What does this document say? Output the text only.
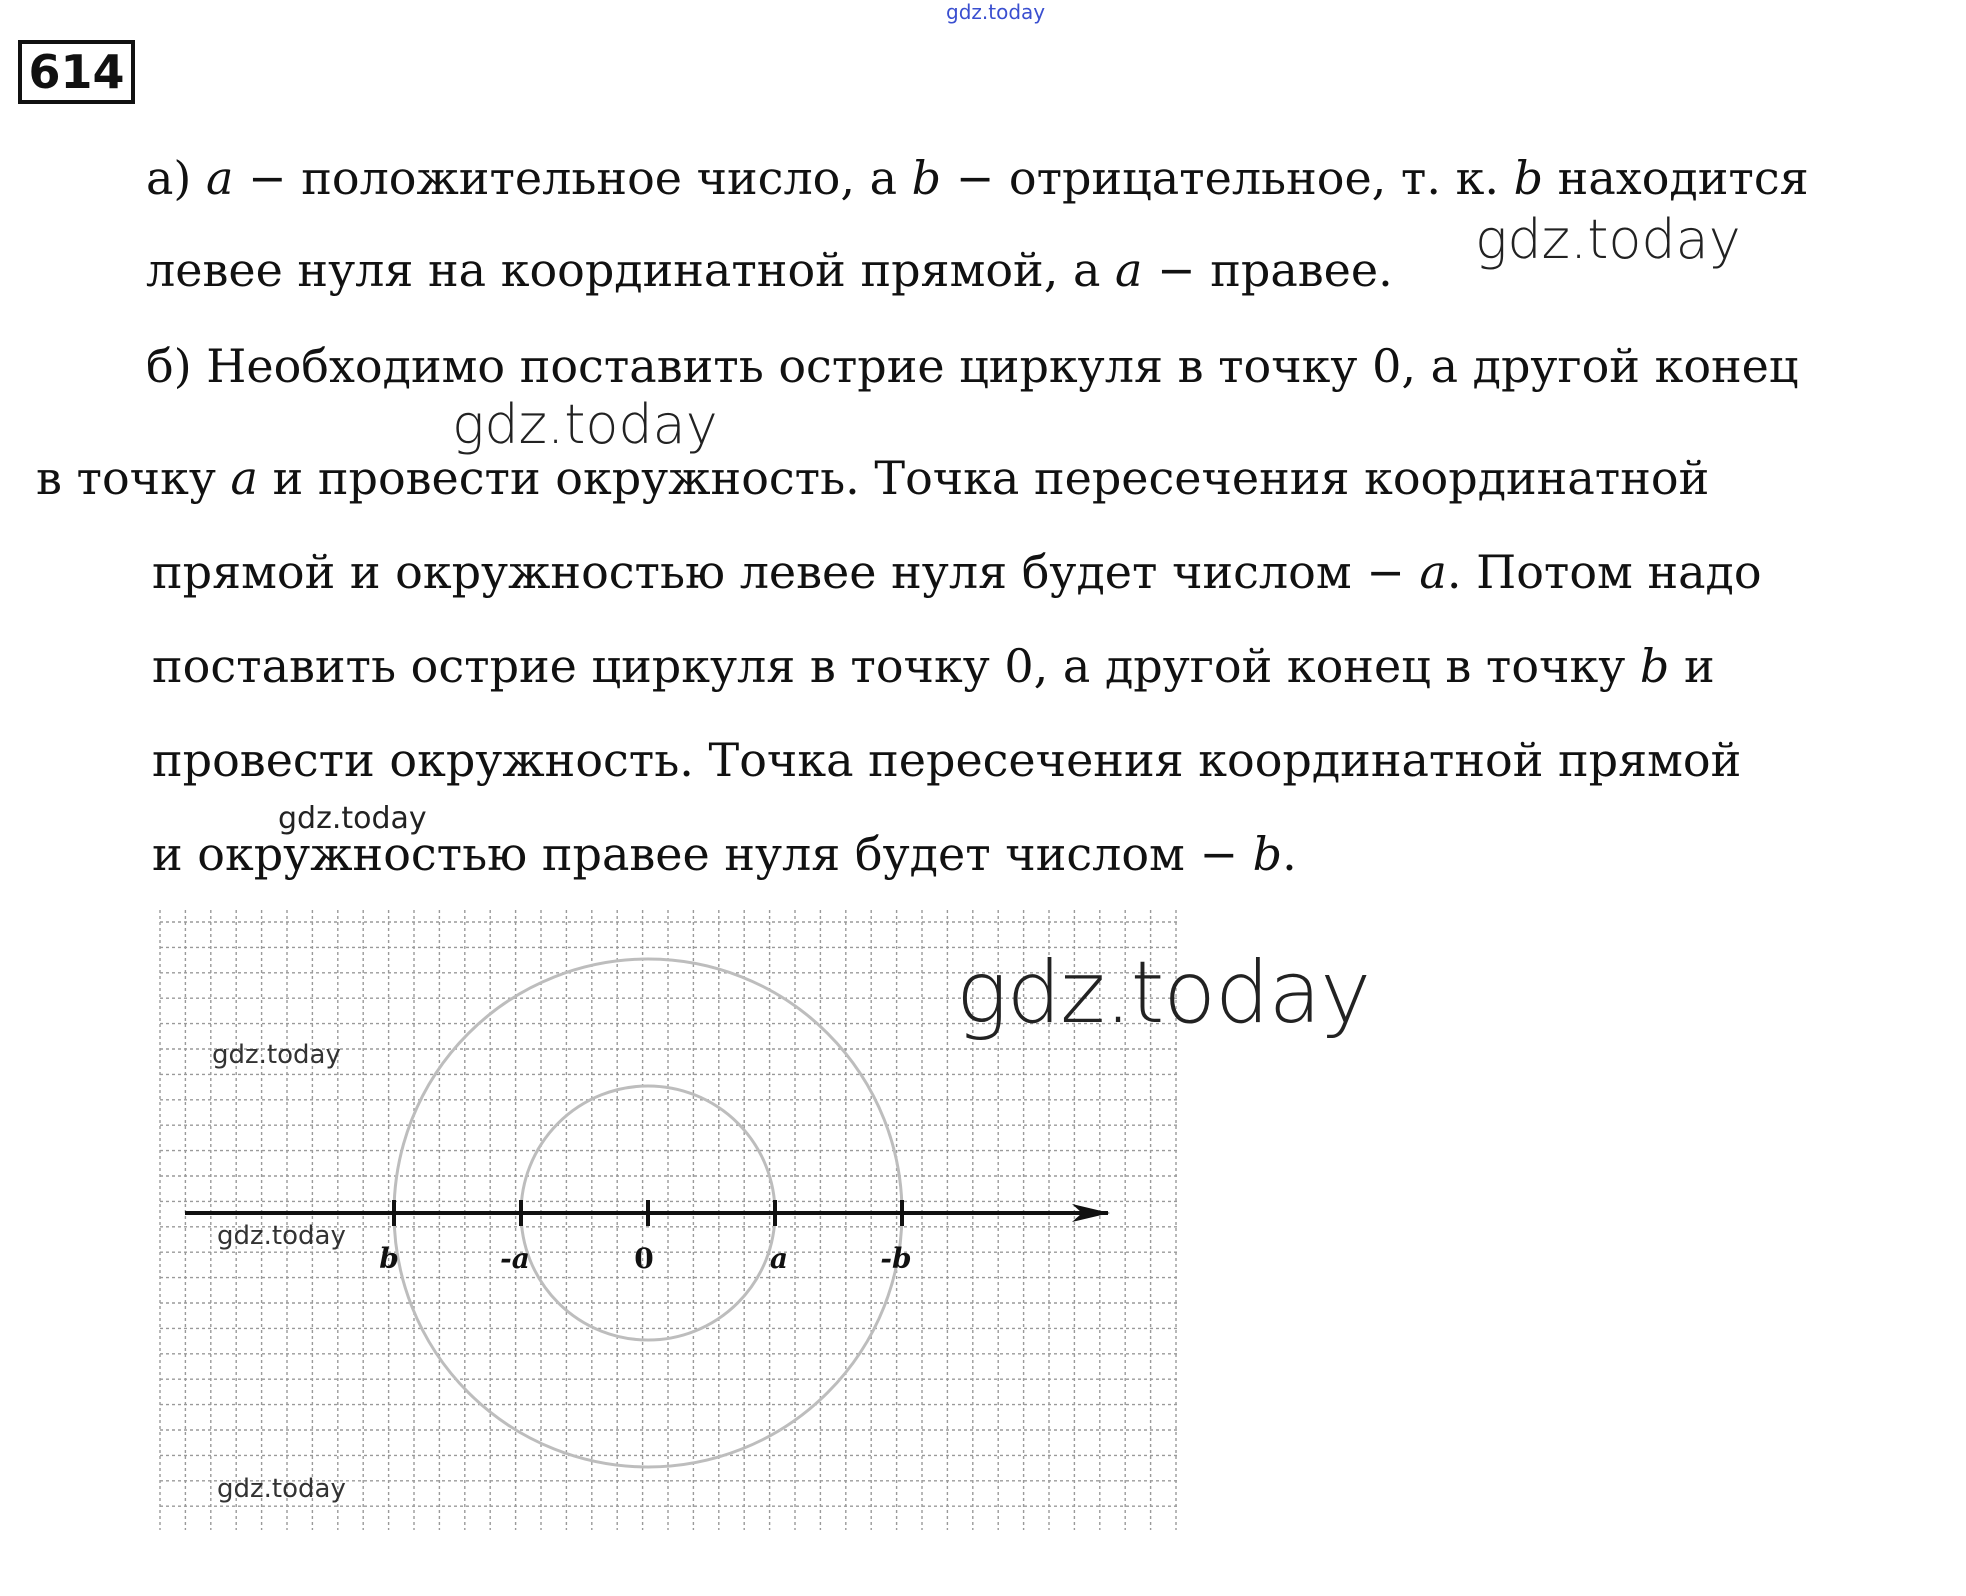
gdz.today
614
а) a − положительное число, а b − отрицательное, т. к. b находится
левее нуля на координатной прямой, а a − правее.
б) Необходимо поставить острие циркуля в точку 0, а другой конец
в точку a и провести окружность. Точка пересечения координатной
прямой и окружностью левее нуля будет числом − a. Потом надо
поставить острие циркуля в точку 0, а другой конец в точку b и
провести окружность. Точка пересечения координатной прямой
и окружностью правее нуля будет числом − b.
b	-a	0	a	-b
gdz.today
gdz.today
gdz.today
gdz.today
gdz.today
gdz.today
gdz.today
